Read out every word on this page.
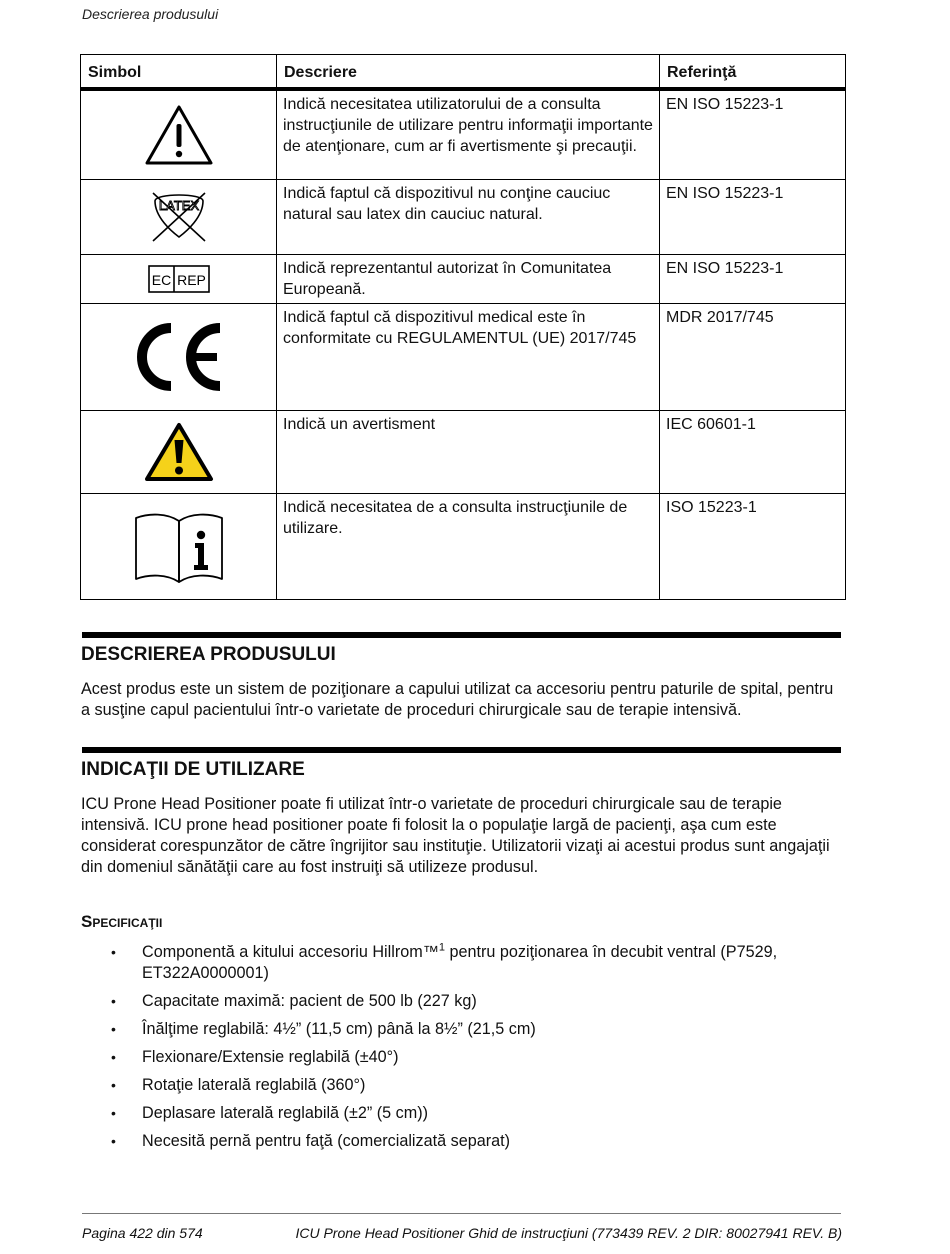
Descrierea produsului
Simbol	Descriere	Referinţă
	Indică necesitatea utilizatorului de a consulta instrucţiunile de utilizare pentru informaţii importante de atenţionare, cum ar fi avertismente şi precauţii.	EN ISO 15223-1

LATEX	Indică faptul că dispozitivul nu conţine cauciuc natural sau latex din cauciuc natural.	EN ISO 15223-1

EC REP	Indică reprezentantul autorizat în Comunitatea Europeană.	EN ISO 15223-1
	Indică faptul că dispozitivul medical este în conformitate cu REGULAMENTUL (UE) 2017/745	MDR 2017/745
	Indică un avertisment	IEC 60601-1
	Indică necesitatea de a consulta instrucţiunile de utilizare.	ISO 15223-1
DESCRIEREA PRODUSULUI

Acest produs este un sistem de poziţionare a capului utilizat ca accesoriu pentru paturile de spital, pentru a susţine capul pacientului într-o varietate de proceduri chirurgicale sau de terapie intensivă.

INDICAŢII DE UTILIZARE

ICU Prone Head Positioner poate fi utilizat într-o varietate de proceduri chirurgicale sau de terapie intensivă. ICU prone head positioner poate fi folosit la o populaţie largă de pacienţi, aşa cum este considerat corespunzător de către îngrijitor sau instituţie. Utilizatorii vizaţi ai acestui produs sunt angajaţii din domeniul sănătăţii care au fost instruiţi să utilizeze produsul.

Specificaţii
• Componentă a kitului accesoriu Hillrom™$^1$ pentru poziţionarea în decubit ventral (P7529, ET322A0000001)
• Capacitate maximă: pacient de 500 lb (227 kg)
• Înălţime reglabilă: 4½” (11,5 cm) până la 8½” (21,5 cm)
• Flexionare/Extensie reglabilă (±40°)
• Rotaţie laterală reglabilă (360°)
• Deplasare laterală reglabilă (±2” (5 cm))
• Necesită pernă pentru faţă (comercializată separat)
Pagina 422 din 574	ICU Prone Head Positioner Ghid de instrucţiuni (773439 REV. 2 DIR: 80027941 REV. B)
